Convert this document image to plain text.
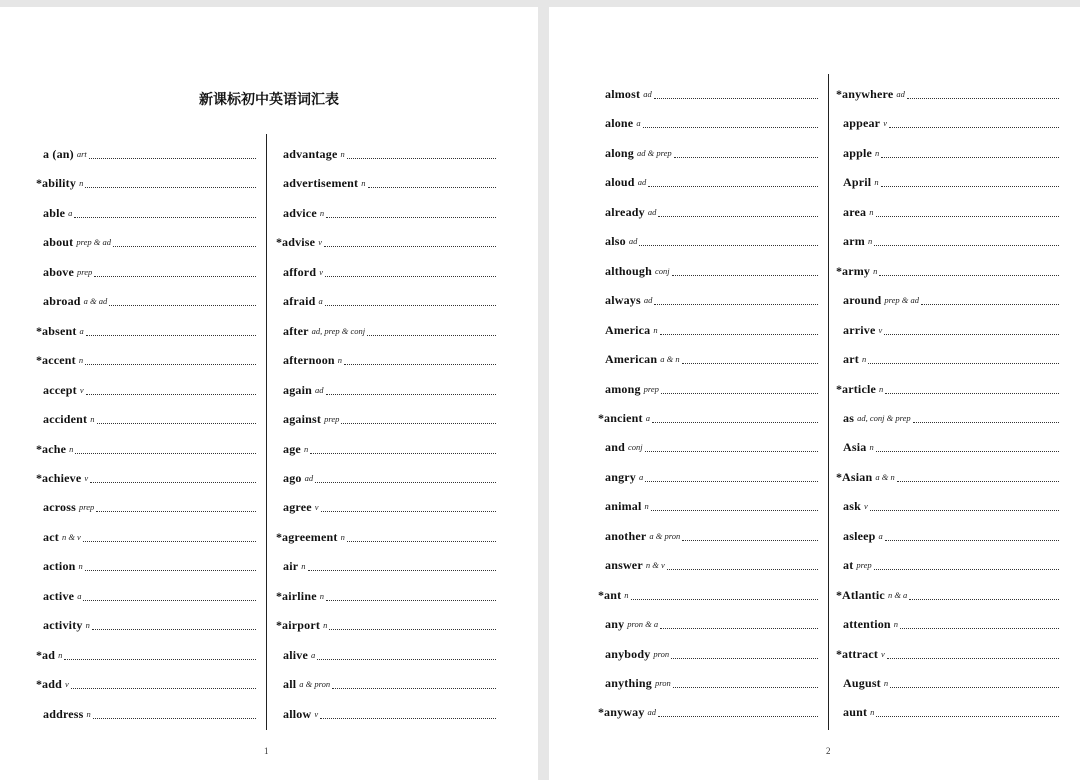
新课标初中英语词汇表
a (an) art
* ability n
able a
about prep & ad
above prep
abroad a & ad
* absent a
* accent n
accept v
accident n
* ache n
* achieve v
across prep
act n & v
action n
active a
activity n
* ad n
* add v
address n
advantage n
advertisement n
advice n
* advise v
afford v
afraid a
after ad, prep & conj
afternoon n
again ad
against prep
age n
ago ad
agree v
* agreement n
air n
* airline n
* airport n
alive a
all a & pron
allow v
1
almost ad
alone a
along ad & prep
aloud ad
already ad
also ad
although conj
always ad
America n
American a & n
among prep
* ancient a
and conj
angry a
animal n
another a & pron
answer n & v
* ant n
any pron & a
anybody pron
anything pron
* anyway ad
* anywhere ad
appear v
apple n
April n
area n
arm n
* army n
around prep & ad
arrive v
art n
* article n
as ad, conj & prep
Asia n
* Asian a & n
ask v
asleep a
at prep
* Atlantic n & a
attention n
* attract v
August n
aunt n
2
